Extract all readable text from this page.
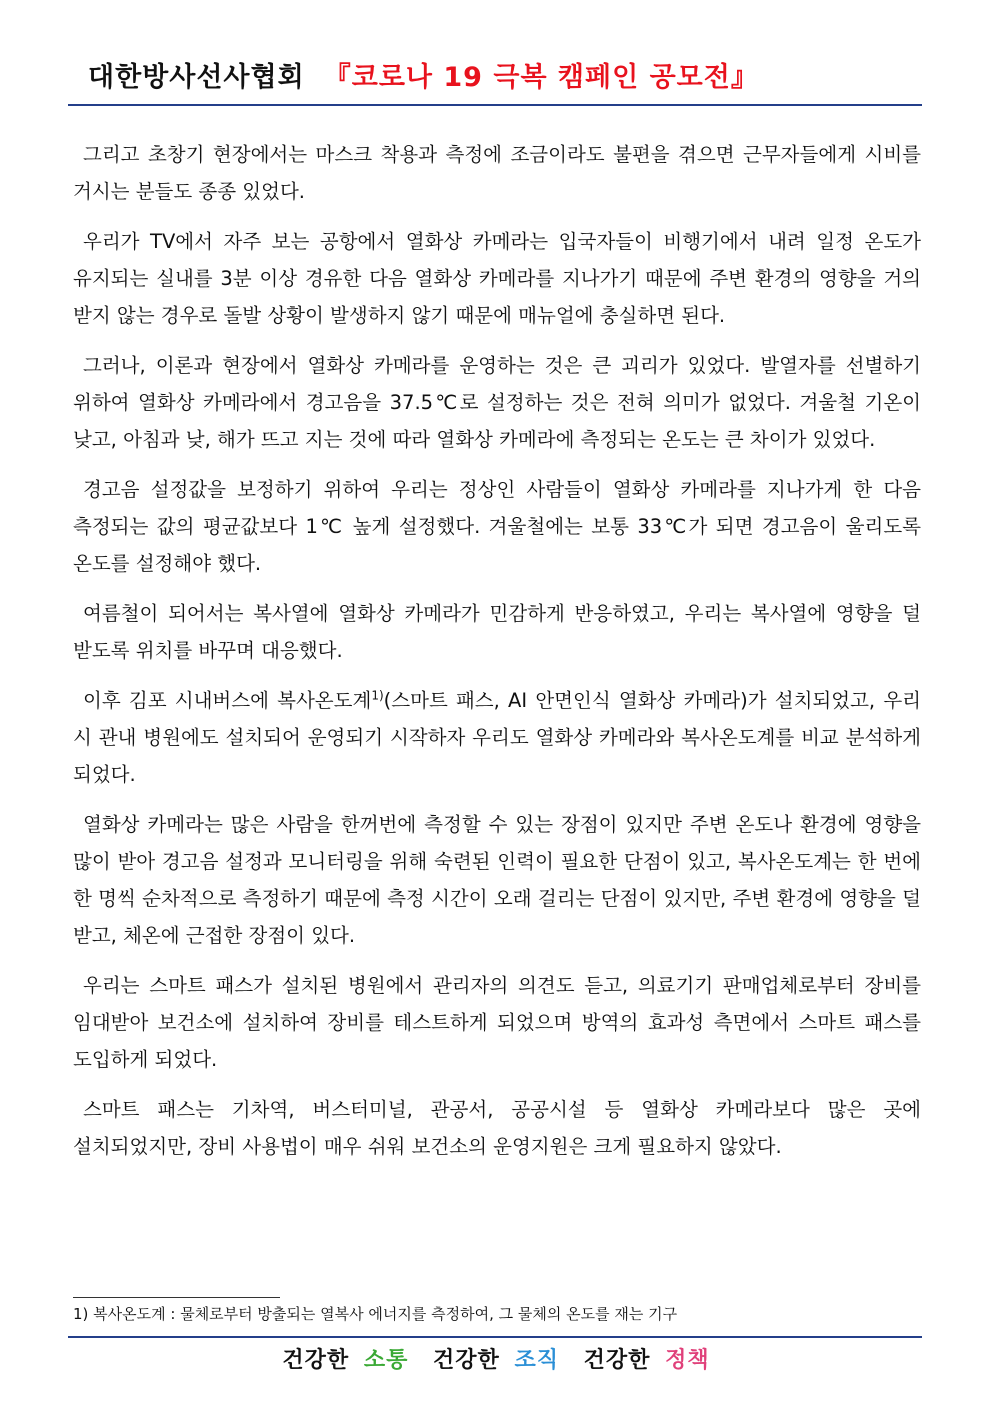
대한방사선사협회 『코로나 19 극복 캠페인 공모전』

그리고 초창기 현장에서는 마스크 착용과 측정에 조금이라도 불편을 겪으면 근무자들에게 시비를 거시는 분들도 종종 있었다.

우리가 TV에서 자주 보는 공항에서 열화상 카메라는 입국자들이 비행기에서 내려 일정 온도가 유지되는 실내를 3분 이상 경유한 다음 열화상 카메라를 지나가기 때문에 주변 환경의 영향을 거의 받지 않는 경우로 돌발 상황이 발생하지 않기 때문에 매뉴얼에 충실하면 된다.

그러나, 이론과 현장에서 열화상 카메라를 운영하는 것은 큰 괴리가 있었다. 발열자를 선별하기 위하여 열화상 카메라에서 경고음을 37.5℃로 설정하는 것은 전혀 의미가 없었다. 겨울철 기온이 낮고, 아침과 낮, 해가 뜨고 지는 것에 따라 열화상 카메라에 측정되는 온도는 큰 차이가 있었다.

경고음 설정값을 보정하기 위하여 우리는 정상인 사람들이 열화상 카메라를 지나가게 한 다음 측정되는 값의 평균값보다 1℃ 높게 설정했다. 겨울철에는 보통 33℃가 되면 경고음이 울리도록 온도를 설정해야 했다.

여름철이 되어서는 복사열에 열화상 카메라가 민감하게 반응하였고, 우리는 복사열에 영향을 덜 받도록 위치를 바꾸며 대응했다.

이후 김포 시내버스에 복사온도계$^{1)}$(스마트 패스, AI 안면인식 열화상 카메라)가 설치되었고, 우리 시 관내 병원에도 설치되어 운영되기 시작하자 우리도 열화상 카메라와 복사온도계를 비교 분석하게 되었다.

열화상 카메라는 많은 사람을 한꺼번에 측정할 수 있는 장점이 있지만 주변 온도나 환경에 영향을 많이 받아 경고음 설정과 모니터링을 위해 숙련된 인력이 필요한 단점이 있고, 복사온도계는 한 번에 한 명씩 순차적으로 측정하기 때문에 측정 시간이 오래 걸리는 단점이 있지만, 주변 환경에 영향을 덜 받고, 체온에 근접한 장점이 있다.

우리는 스마트 패스가 설치된 병원에서 관리자의 의견도 듣고, 의료기기 판매업체로부터 장비를 임대받아 보건소에 설치하여 장비를 테스트하게 되었으며 방역의 효과성 측면에서 스마트 패스를 도입하게 되었다.

스마트 패스는 기차역, 버스터미널, 관공서, 공공시설 등 열화상 카메라보다 많은 곳에 설치되었지만, 장비 사용법이 매우 쉬워 보건소의 운영지원은 크게 필요하지 않았다.

1) 복사온도계 : 물체로부터 방출되는 열복사 에너지를 측정하여, 그 물체의 온도를 재는 기구
건강한 소통 건강한 조직 건강한 정책
